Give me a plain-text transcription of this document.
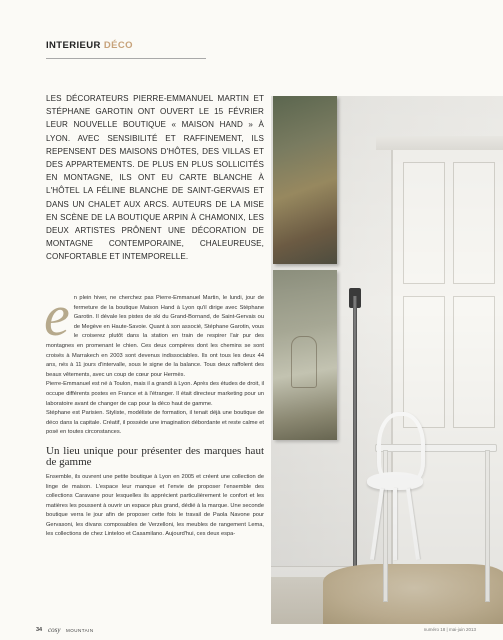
INTERIEUR DÉCO
LES DÉCORATEURS PIERRE-EMMANUEL MARTIN ET STÉPHANE GAROTIN ONT OUVERT LE 15 FÉVRIER LEUR NOUVELLE BOUTIQUE « MAISON HAND » À LYON. AVEC SENSIBILITÉ ET RAFFINEMENT, ILS REPENSENT DES MAISONS D'HÔTES, DES VILLAS ET DES APPARTEMENTS. DE PLUS EN PLUS SOLLICITÉS EN MONTAGNE, ILS ONT EU CARTE BLANCHE À L'HÔTEL LA FÉLINE BLANCHE DE SAINT-GERVAIS ET DANS UN CHALET AUX ARCS. AUTEURS DE LA MISE EN SCÈNE DE LA BOUTIQUE ARPIN À CHAMONIX, LES DEUX ARTISTES PRÔNENT UNE DÉCORATION DE MONTAGNE CONTEMPORAINE, CHALEUREUSE, CONFORTABLE ET INTEMPORELLE.

en plein hiver, ne cherchez pas Pierre-Emmanuel Martin, le lundi, jour de fermeture de la boutique Maison Hand à Lyon qu'il dirige avec Stéphane Garotin. Il dévale les pistes de ski du Grand-Bornand, de Saint-Gervais ou de Megève en Haute-Savoie. Quant à son associé, Stéphane Garotin, vous le croiserez plutôt dans la station en train de respirer l'air pur des montagnes en promenant le chien. Ces deux compères dont les chemins se sont croisés à Marrakech en 2003 sont devenus indissociables. Ils ont tous les deux 44 ans, nés à 11 jours d'intervalle, sous le signe de la balance. Tous deux raffolent des beaux vêtements, avec un coup de cœur pour Hermès.

Pierre-Emmanuel est né à Toulon, mais il a grandi à Lyon. Après des études de droit, il occupe différents postes en France et à l'étranger. Il était directeur marketing pour un laboratoire avant de changer de cap pour la déco haut de gamme.

Stéphane est Parisien. Styliste, modéliste de formation, il tenait déjà une boutique de déco dans la capitale. Créatif, il possède une imagination débordante et reste calme et posé en toutes circonstances.

Un lieu unique pour présenter des marques haut de gamme

Ensemble, ils ouvrent une petite boutique à Lyon en 2005 et créent une collection de linge de maison. L'espace leur manque et l'envie de proposer l'ensemble des collections Caravane pour lesquelles ils apprécient particulièrement le confort et les matières les poussent à ouvrir un espace plus grand, dédié à la marque. Une seconde boutique verra le jour afin de proposer cette fois le travail de Paola Navone pour Gervasoni, les divans composables de Verzelloni, les meubles de rangement Lema, les collections de chez Linteloo et Casamilano. Aujourd'hui, ces deux espa-

34 cosy MOUNTAIN	numéro 18 | mai-juin 2013
